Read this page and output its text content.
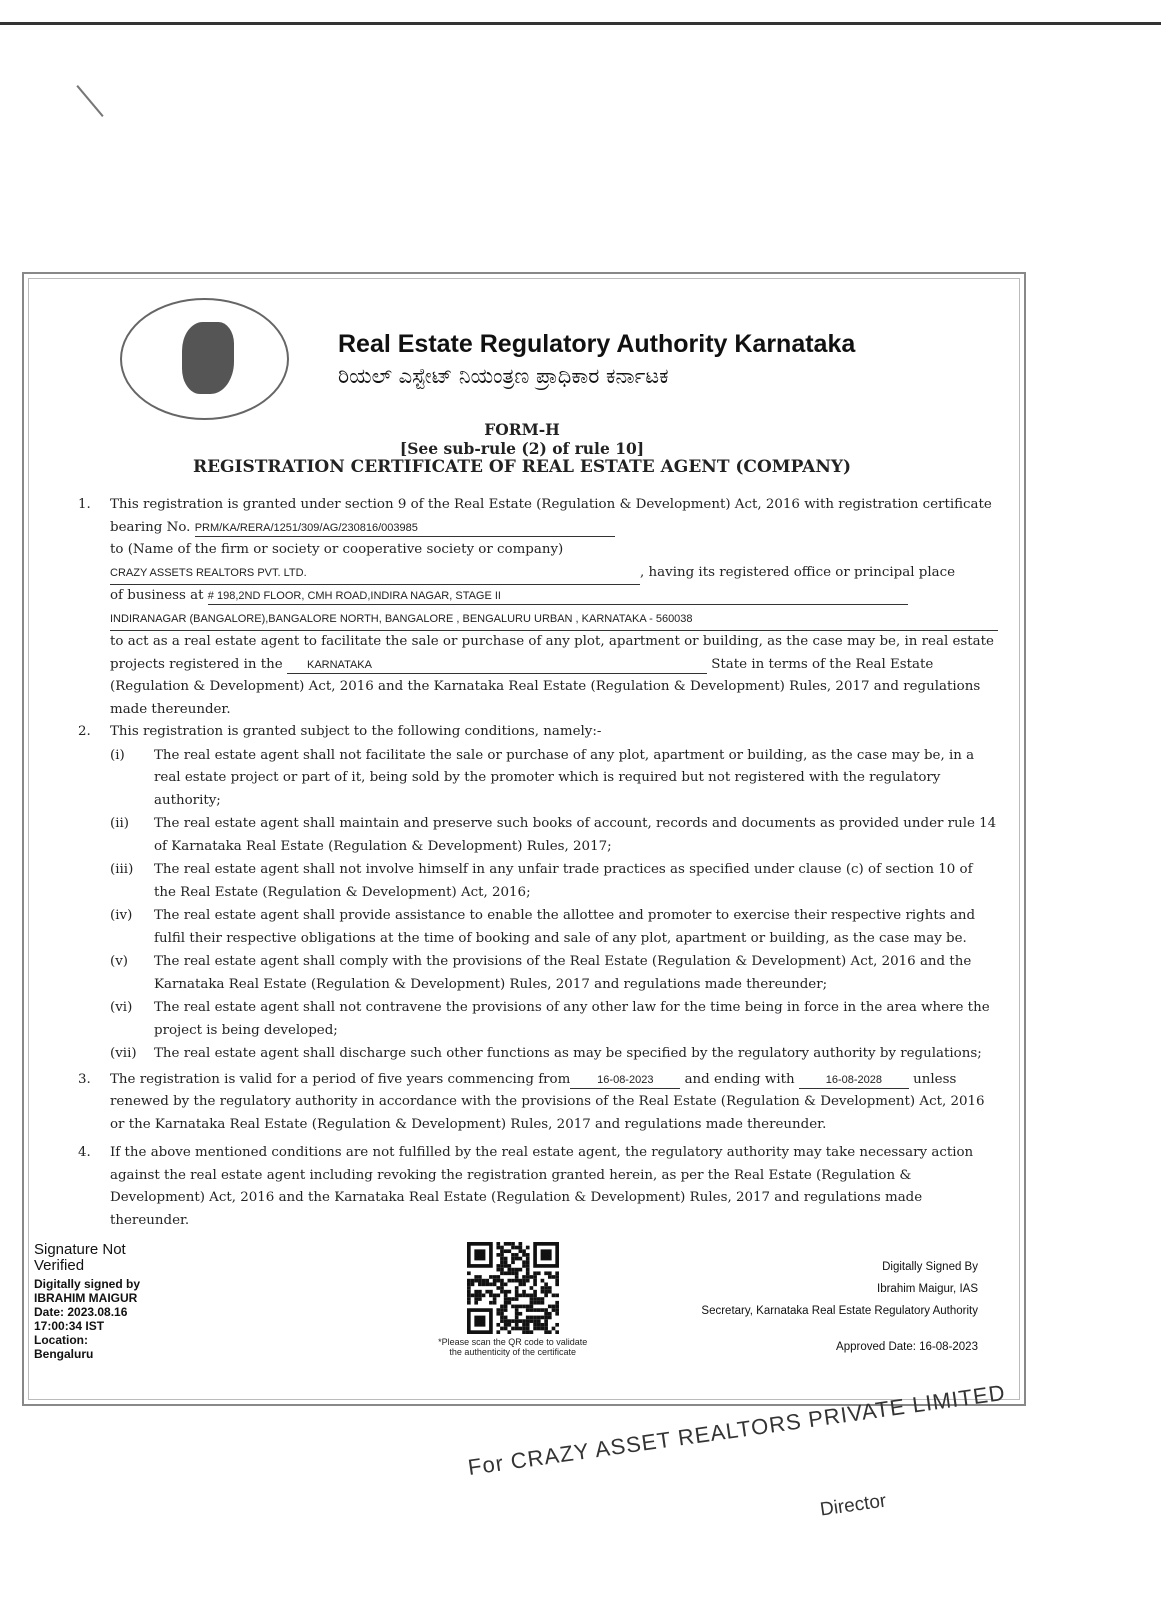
Real Estate Regulatory Authority Karnataka
ರಿಯಲ್ ಎಸ್ಟೇಟ್ ನಿಯಂತ್ರಣ ಪ್ರಾಧಿಕಾರ ಕರ್ನಾಟಕ
FORM-H
[See sub-rule (2) of rule 10]
REGISTRATION CERTIFICATE OF REAL ESTATE AGENT (COMPANY)
1.	This registration is granted under section 9 of the Real Estate (Regulation & Development) Act, 2016 with registration certificate bearing No. PRM/KA/RERA/1251/309/AG/230816/003985
to (Name of the firm or society or cooperative society or company)
CRAZY ASSETS REALTORS PVT. LTD.	, having its registered office or principal place
of business at # 198,2ND FLOOR, CMH ROAD,INDIRA NAGAR, STAGE II
INDIRANAGAR (BANGALORE),BANGALORE NORTH, BANGALORE , BENGALURU URBAN , KARNATAKA - 560038
to act as a real estate agent to facilitate the sale or purchase of any plot, apartment or building, as the case may be, in real estate projects registered in the KARNATAKA	State in terms of the Real Estate (Regulation & Development) Act, 2016 and the Karnataka Real Estate (Regulation & Development) Rules, 2017 and regulations made thereunder.
2.	This registration is granted subject to the following conditions, namely:-
(i)	The real estate agent shall not facilitate the sale or purchase of any plot, apartment or building, as the case may be, in a real estate project or part of it, being sold by the promoter which is required but not registered with the regulatory authority;
(ii)	The real estate agent shall maintain and preserve such books of account, records and documents as provided under rule 14 of Karnataka Real Estate (Regulation & Development) Rules, 2017;
(iii)	The real estate agent shall not involve himself in any unfair trade practices as specified under clause (c) of section 10 of the Real Estate (Regulation & Development) Act, 2016;
(iv)	The real estate agent shall provide assistance to enable the allottee and promoter to exercise their respective rights and fulfil their respective obligations at the time of booking and sale of any plot, apartment or building, as the case may be.
(v)	The real estate agent shall comply with the provisions of the Real Estate (Regulation & Development) Act, 2016 and the Karnataka Real Estate (Regulation & Development) Rules, 2017 and regulations made thereunder;
(vi)	The real estate agent shall not contravene the provisions of any other law for the time being in force in the area where the project is being developed;
(vii)	The real estate agent shall discharge such other functions as may be specified by the regulatory authority by regulations;
3.	The registration is valid for a period of five years commencing from 16-08-2023 and ending with 16-08-2028 unless renewed by the regulatory authority in accordance with the provisions of the Real Estate (Regulation & Development) Act, 2016 or the Karnataka Real Estate (Regulation & Development) Rules, 2017 and regulations made thereunder.
4.	If the above mentioned conditions are not fulfilled by the real estate agent, the regulatory authority may take necessary action against the real estate agent including revoking the registration granted herein, as per the Real Estate (Regulation & Development) Act, 2016 and the Karnataka Real Estate (Regulation & Development) Rules, 2017 and regulations made thereunder.
Signature Not Verified
Digitally signed by
IBRAHIM MAIGUR
Date: 2023.08.16
17:00:34 IST
Location:
Bengaluru
*Please scan the QR code to validate
the authenticity of the certificate
Digitally Signed By
Ibrahim Maigur, IAS
Secretary, Karnataka Real Estate Regulatory Authority
Approved Date: 16-08-2023
For CRAZY ASSET REALTORS PRIVATE LIMITED
Director
